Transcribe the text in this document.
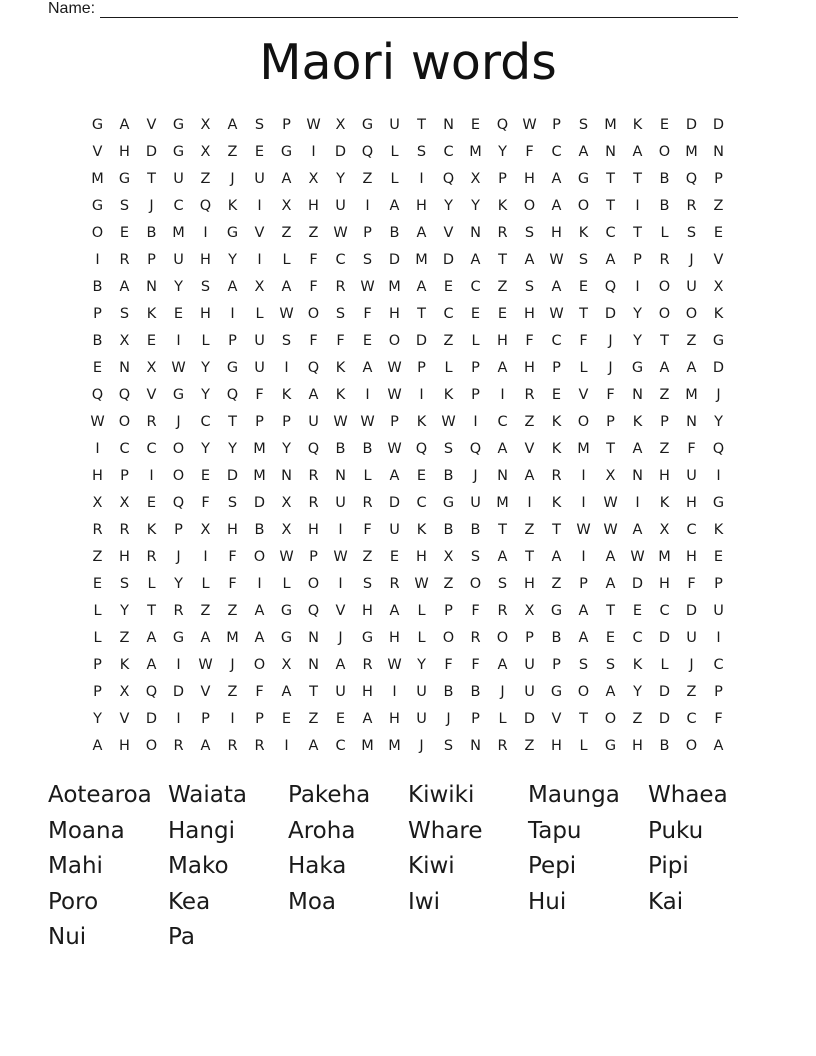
Name:
Maori words
G	A	V	G	X	A	S	P	W	X	G	U	T	N	E	Q W	P	S	M	K	E	D	D
V	H	D	G	X	Z	E	G	I	D	Q	L	S	C	M	Y	F	C	A	N	A	O	M	N
M	G	T	U	Z	J	U	A	X	Y	Z	L	I	Q	X	P	H	A	G	T	T	B	Q	P
G	S	J	C	Q	K	I	X	H	U	I	A	H	Y	Y	K	O	A	O	T	I	B	R	Z
O	E	B	M	I	G	V	Z	Z	W	P	B	A	V	N	R	S	H	K	C	T	L	S	E
I	R	P	U	H	Y	I	L	F	C	S	D	M	D	A	T	A	W	S	A	P	R	J	V
B	A	N	Y	S	A	X	A	F	R	W M	A	E	C	Z	S	A	E	Q	I	O	U	X
P	S	K	E	H	I	L	W O	S	F	H	T	C	E	E	H W	T	D	Y	O	O	K
B	X	E	I	L	P	U	S	F	F	E	O	D	Z	L	H	F	C	F	J	Y	T	Z	G
E	N	X	W	Y	G	U	I	Q	K	A	W	P	L	P	A	H	P	L	J	G	A	A	D
Q	Q	V	G	Y	Q	F	K	A	K	I	W	I	K	P	I	R	E	V	F	N	Z	M	J
W O	R	J	C	T	P	P	U	W W	P	K	W	I	C	Z	K	O	P	K	P	N	Y
I	C	C	O	Y	Y	M	Y	Q	B	B	W Q	S	Q	A	V	K	M	T	A	Z	F	Q
H	P	I	O	E	D	M	N	R	N	L	A	E	B	J	N	A	R	I	X	N	H	U	I
X	X	E	Q	F	S	D	X	R	U	R	D	C	G	U	M	I	K	I	W	I	K	H	G
R	R	K	P	X	H	B	X	H	I	F	U	K	B	B	T	Z	T	W W	A	X	C	K
Z	H	R	J	I	F	O W	P	W	Z	E	H	X	S	A	T	A	I	A	W M	H	E
E	S	L	Y	L	F	I	L	O	I	S	R	W	Z	O	S	H	Z	P	A	D	H	F	P
L	Y	T	R	Z	Z	A	G	Q	V	H	A	L	P	F	R	X	G	A	T	E	C	D	U
L	Z	A	G	A	M	A	G	N	J	G	H	L	O	R	O	P	B	A	E	C	D	U	I
P	K	A	I	W	J	O	X	N	A	R	W	Y	F	F	A	U	P	S	S	K	L	J	C
P	X	Q	D	V	Z	F	A	T	U	H	I	U	B	B	J	U	G	O	A	Y	D	Z	P
Y	V	D	I	P	I	P	E	Z	E	A	H	U	J	P	L	D	V	T	O	Z	D	C	F
A	H	O	R	A	R	R	I	A	C	M M	J	S	N	R	Z	H	L	G	H	B	O	A
Aotearoa Waiata	Pakeha	Kiwiki	Maunga	Whaea
Moana	Hangi	Aroha	Whare	Tapu	Puku
Mahi	Mako	Haka	Kiwi	Pepi	Pipi
Poro	Kea	Moa	Iwi	Hui	Kai
Nui	Pa
